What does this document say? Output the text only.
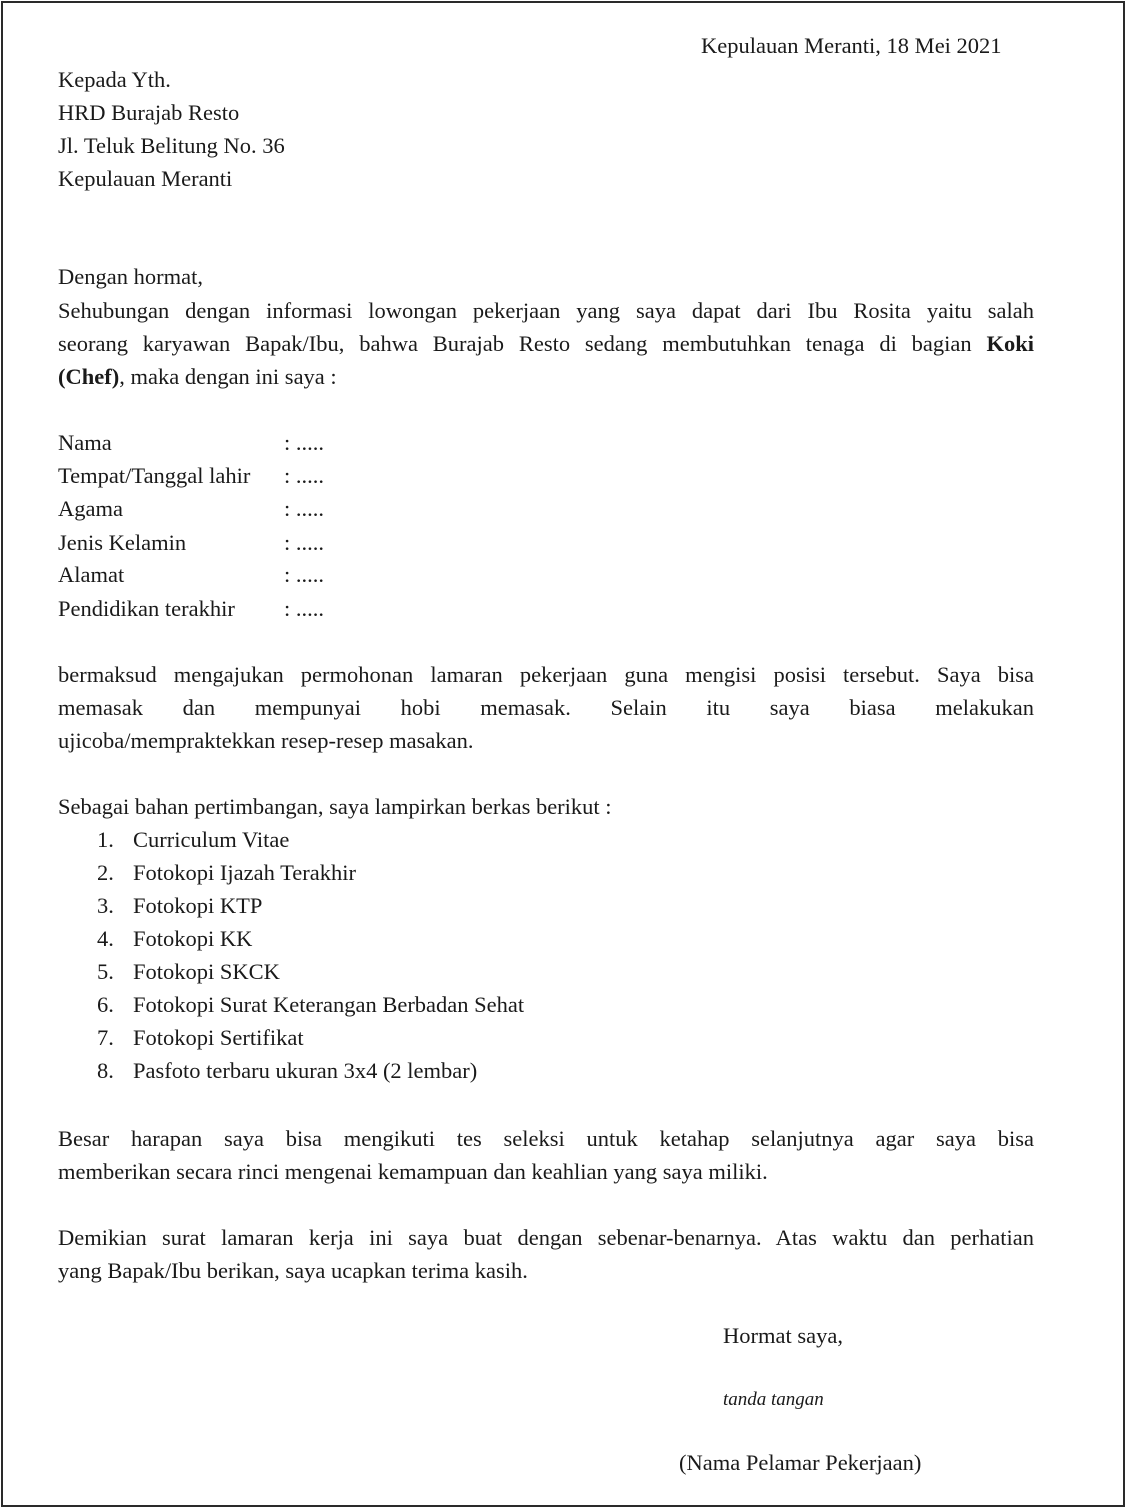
Kepulauan Meranti, 18 Mei 2021
Kepada Yth.
HRD Burajab Resto
Jl. Teluk Belitung No. 36
Kepulauan Meranti
Dengan hormat,
Sehubungan dengan informasi lowongan pekerjaan yang saya dapat dari Ibu Rosita yaitu salah
seorang karyawan Bapak/Ibu, bahwa Burajab Resto sedang membutuhkan tenaga di bagian Koki
(Chef), maka dengan ini saya :
Nama	: .....
Tempat/Tanggal lahir : .....
Agama	: .....
Jenis Kelamin	: .....
Alamat	: .....
Pendidikan terakhir : .....
bermaksud mengajukan permohonan lamaran pekerjaan guna mengisi posisi tersebut. Saya bisa
memasak dan mempunyai hobi memasak. Selain itu saya biasa melakukan
ujicoba/mempraktekkan resep-resep masakan.
Sebagai bahan pertimbangan, saya lampirkan berkas berikut :
1. Curriculum Vitae
2. Fotokopi Ijazah Terakhir
3. Fotokopi KTP
4. Fotokopi KK
5. Fotokopi SKCK
6. Fotokopi Surat Keterangan Berbadan Sehat
7. Fotokopi Sertifikat
8. Pasfoto terbaru ukuran 3x4 (2 lembar)
Besar harapan saya bisa mengikuti tes seleksi untuk ketahap selanjutnya agar saya bisa
memberikan secara rinci mengenai kemampuan dan keahlian yang saya miliki.
Demikian surat lamaran kerja ini saya buat dengan sebenar-benarnya. Atas waktu dan perhatian
yang Bapak/Ibu berikan, saya ucapkan terima kasih.
Hormat saya,
tanda tangan
(Nama Pelamar Pekerjaan)
